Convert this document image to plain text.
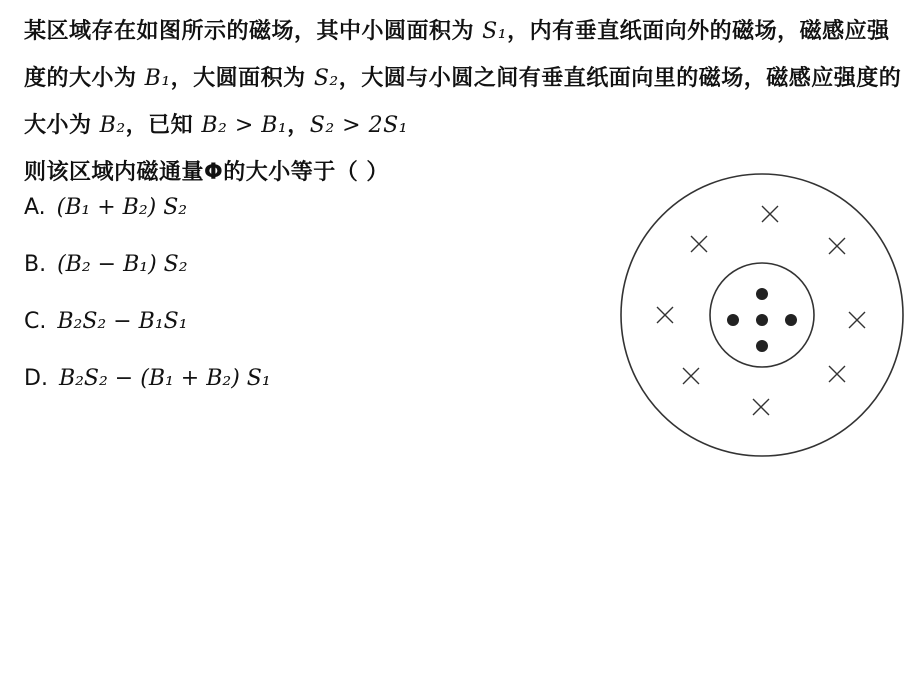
某区域存在如图所示的磁场，其中小圆面积为 S₁，内有垂直纸面向外的磁场，磁感应强度的大小为 B₁，大圆面积为 S₂，大圆与小圆之间有垂直纸面向里的磁场，磁感应强度的大小为 B₂，已知 B₂ > B₁，S₂ > 2S₁
则该区域内磁通量Φ的大小等于（ ）
A. (B₁ + B₂) S₂
B. (B₂ − B₁) S₂
C. B₂S₂ − B₁S₁
D. B₂S₂ − (B₁ + B₂) S₁
